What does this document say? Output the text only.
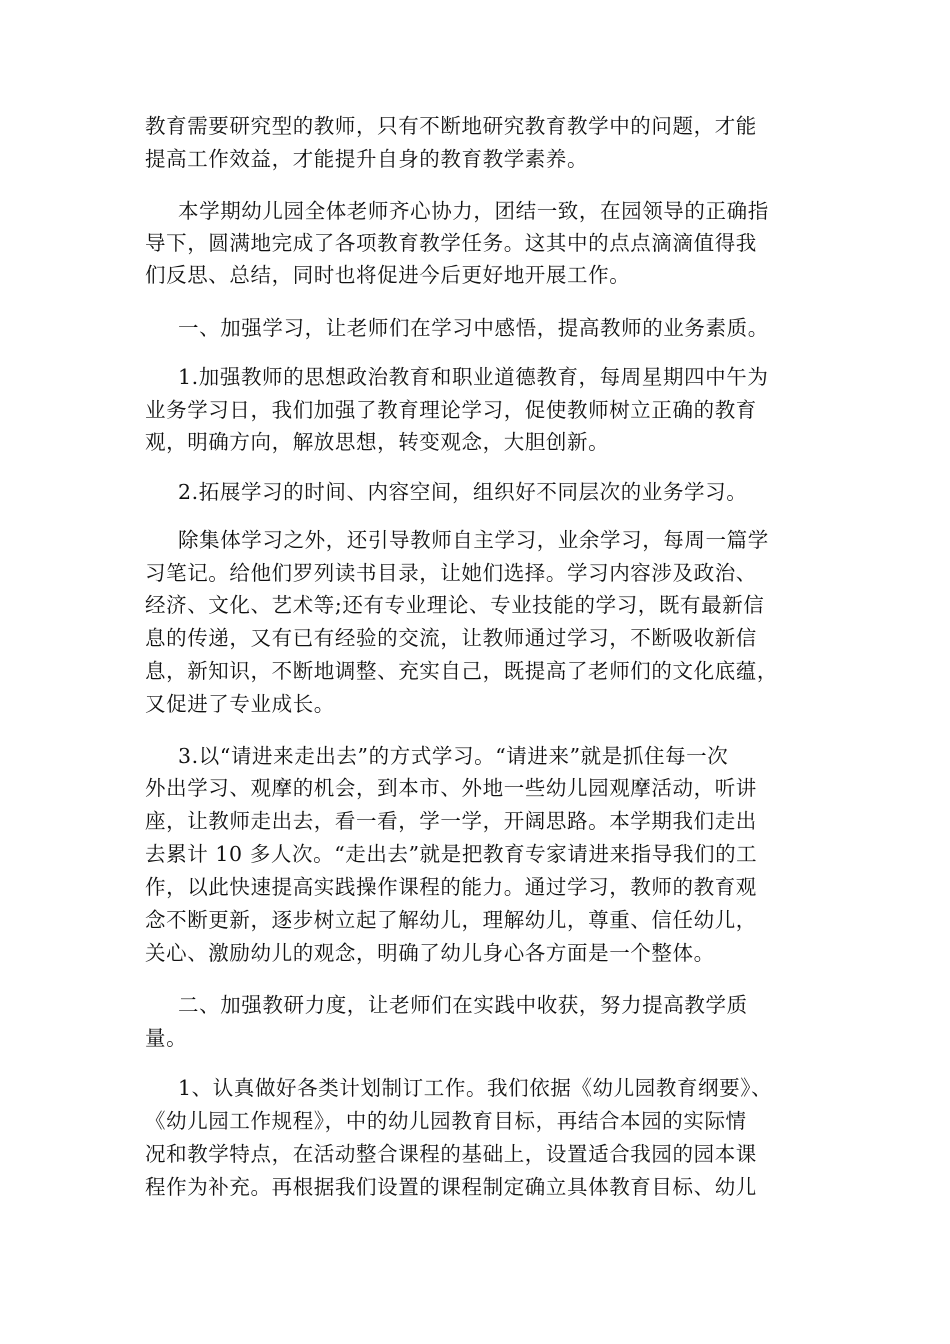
教育需要研究型的教师，只有不断地研究教育教学中的问题，才能
提高工作效益，才能提升自身的教育教学素养。
本学期幼儿园全体老师齐心协力，团结一致，在园领导的正确指
导下，圆满地完成了各项教育教学任务。这其中的点点滴滴值得我
们反思、总结，同时也将促进今后更好地开展工作。
一、加强学习，让老师们在学习中感悟，提高教师的业务素质。
1.加强教师的思想政治教育和职业道德教育，每周星期四中午为
业务学习日，我们加强了教育理论学习，促使教师树立正确的教育
观，明确方向，解放思想，转变观念，大胆创新。
2.拓展学习的时间、内容空间，组织好不同层次的业务学习。
除集体学习之外，还引导教师自主学习，业余学习，每周一篇学
习笔记。给他们罗列读书目录，让她们选择。学习内容涉及政治、
经济、文化、艺术等;还有专业理论、专业技能的学习，既有最新信
息的传递，又有已有经验的交流，让教师通过学习，不断吸收新信
息，新知识，不断地调整、充实自己，既提高了老师们的文化底蕴，
又促进了专业成长。
3.以“请进来走出去”的方式学习。“请进来”就是抓住每一次
外出学习、观摩的机会，到本市、外地一些幼儿园观摩活动，听讲
座，让教师走出去，看一看，学一学，开阔思路。本学期我们走出
去累计 10 多人次。“走出去”就是把教育专家请进来指导我们的工
作，以此快速提高实践操作课程的能力。通过学习，教师的教育观
念不断更新，逐步树立起了解幼儿，理解幼儿，尊重、信任幼儿，
关心、激励幼儿的观念，明确了幼儿身心各方面是一个整体。
二、加强教研力度，让老师们在实践中收获，努力提高教学质
量。
1、认真做好各类计划制订工作。我们依据《幼儿园教育纲要》、
《幼儿园工作规程》，中的幼儿园教育目标，再结合本园的实际情
况和教学特点，在活动整合课程的基础上，设置适合我园的园本课
程作为补充。再根据我们设置的课程制定确立具体教育目标、幼儿
